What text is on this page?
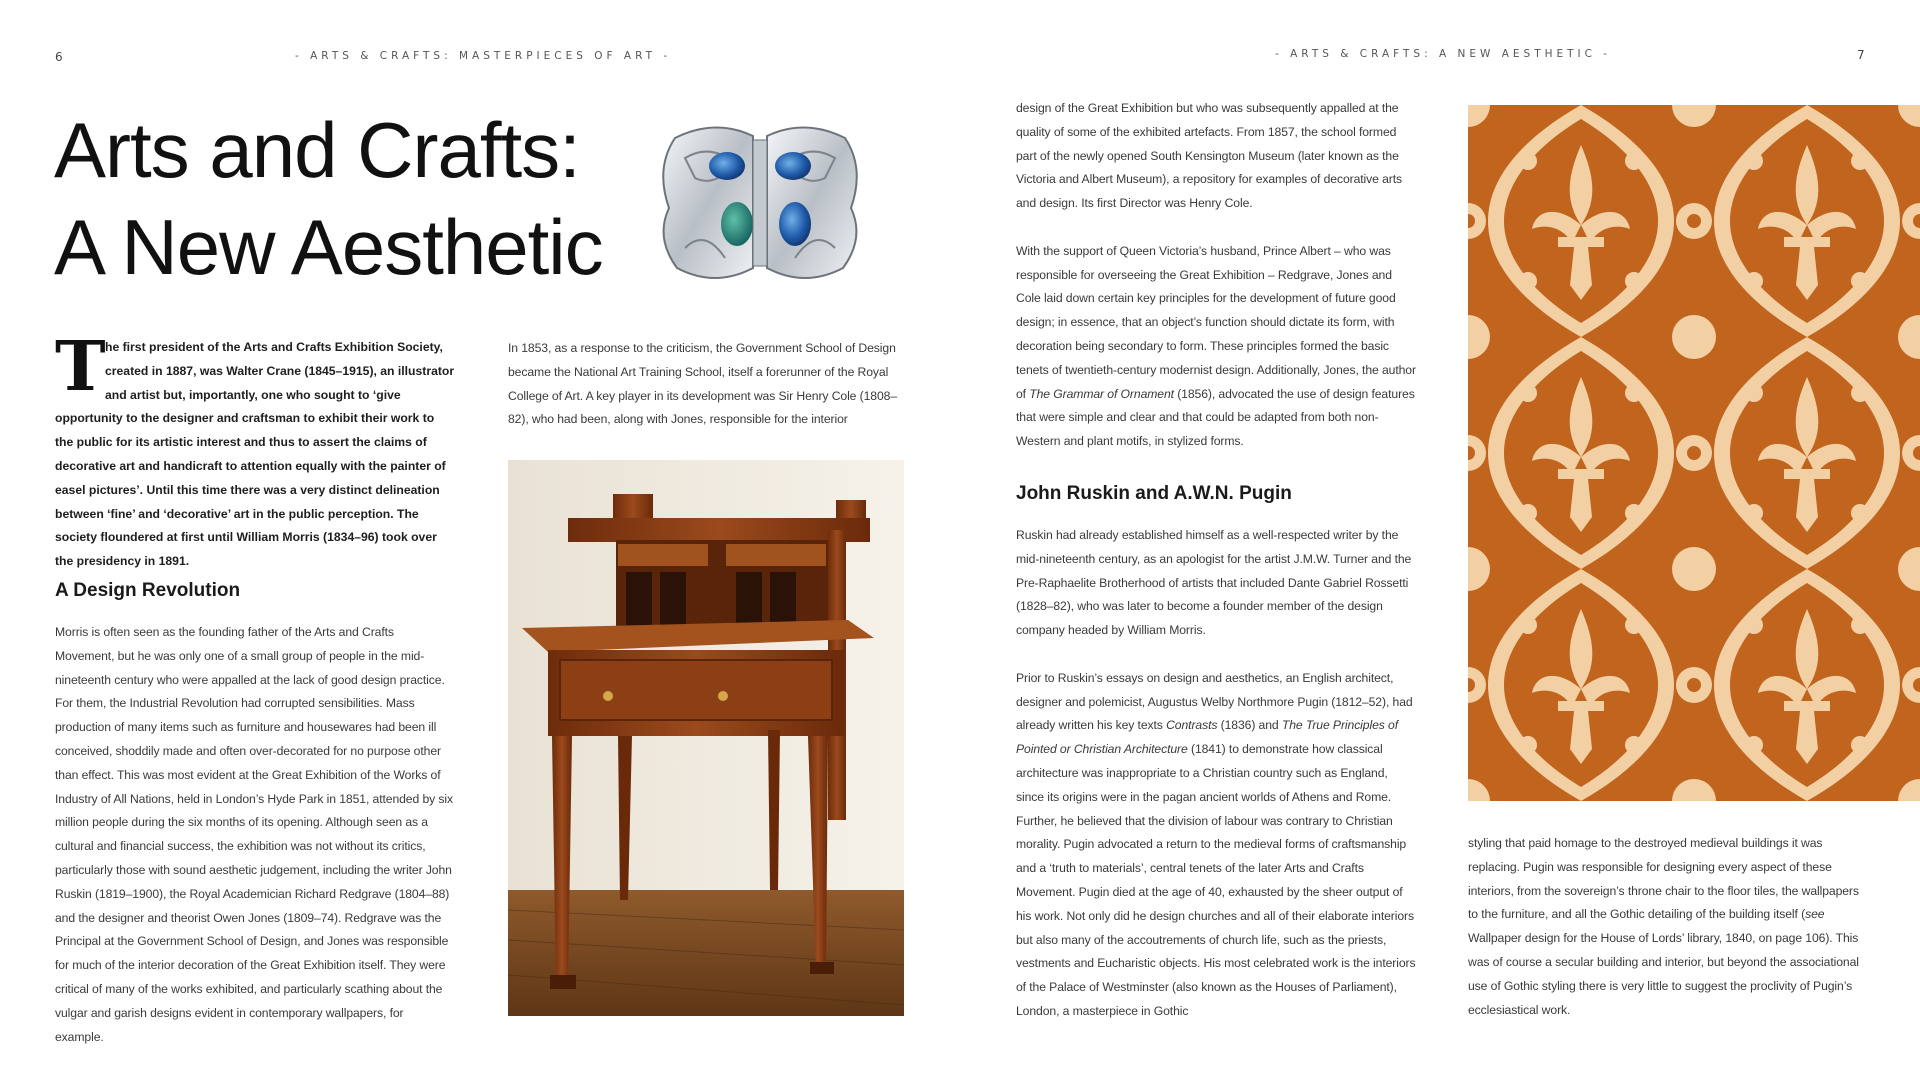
6	- ARTS & CRAFTS: MASTERPIECES OF ART -
Arts and Crafts:
A New Aesthetic
T he first president of the Arts and Crafts Exhibition Society, created in 1887, was Walter Crane (1845–1915), an illustrator and artist but, importantly, one who sought to ‘give opportunity to the designer and craftsman to exhibit their work to the public for its artistic interest and thus to assert the claims of decorative art and handicraft to attention equally with the painter of easel pictures’. Until this time there was a very distinct delineation between ‘fine’ and ‘decorative’ art in the public perception. The society floundered at first until William Morris (1834–96) took over the presidency in 1891.

A Design Revolution

Morris is often seen as the founding father of the Arts and Crafts Movement, but he was only one of a small group of people in the mid-nineteenth century who were appalled at the lack of good design practice. For them, the Industrial Revolution had corrupted sensibilities. Mass production of many items such as furniture and housewares had been ill conceived, shoddily made and often over-decorated for no purpose other than effect. This was most evident at the Great Exhibition of the Works of Industry of All Nations, held in London’s Hyde Park in 1851, attended by six million people during the six months of its opening. Although seen as a cultural and financial success, the exhibition was not without its critics, particularly those with sound aesthetic judgement, including the writer John Ruskin (1819–1900), the Royal Academician Richard Redgrave (1804–88) and the designer and theorist Owen Jones (1809–74). Redgrave was the Principal at the Government School of Design, and Jones was responsible for much of the interior decoration of the Great Exhibition itself. They were critical of many of the works exhibited, and particularly scathing about the vulgar and garish designs evident in contemporary wallpapers, for example.

In 1853, as a response to the criticism, the Government School of Design became the National Art Training School, itself a forerunner of the Royal College of Art. A key player in its development was Sir Henry Cole (1808–82), who had been, along with Jones, responsible for the interior

- ARTS & CRAFTS: A NEW AESTHETIC -	7

design of the Great Exhibition but who was subsequently appalled at the quality of some of the exhibited artefacts. From 1857, the school formed part of the newly opened South Kensington Museum (later known as the Victoria and Albert Museum), a repository for examples of decorative arts and design. Its first Director was Henry Cole.

With the support of Queen Victoria’s husband, Prince Albert – who was responsible for overseeing the Great Exhibition – Redgrave, Jones and Cole laid down certain key principles for the development of future good design; in essence, that an object’s function should dictate its form, with decoration being secondary to form. These principles formed the basic tenets of twentieth-century modernist design. Additionally, Jones, the author of The Grammar of Ornament (1856), advocated the use of design features that were simple and clear and that could be adapted from both non-Western and plant motifs, in stylized forms.

John Ruskin and A.W.N. Pugin

Ruskin had already established himself as a well-respected writer by the mid-nineteenth century, as an apologist for the artist J.M.W. Turner and the Pre-Raphaelite Brotherhood of artists that included Dante Gabriel Rossetti (1828–82), who was later to become a founder member of the design company headed by William Morris.

Prior to Ruskin’s essays on design and aesthetics, an English architect, designer and polemicist, Augustus Welby Northmore Pugin (1812–52), had already written his key texts Contrasts (1836) and The True Principles of Pointed or Christian Architecture (1841) to demonstrate how classical architecture was inappropriate to a Christian country such as England, since its origins were in the pagan ancient worlds of Athens and Rome. Further, he believed that the division of labour was contrary to Christian morality. Pugin advocated a return to the medieval forms of craftsmanship and a ‘truth to materials’, central tenets of the later Arts and Crafts Movement. Pugin died at the age of 40, exhausted by the sheer output of his work. Not only did he design churches and all of their elaborate interiors but also many of the accoutrements of church life, such as the priests, vestments and Eucharistic objects. His most celebrated work is the interiors of the Palace of Westminster (also known as the Houses of Parliament), London, a masterpiece in Gothic

styling that paid homage to the destroyed medieval buildings it was replacing. Pugin was responsible for designing every aspect of these interiors, from the sovereign’s throne chair to the floor tiles, the wallpapers to the furniture, and all the Gothic detailing of the building itself (see Wallpaper design for the House of Lords’ library, 1840, on page 106). This was of course a secular building and interior, but beyond the associational use of Gothic styling there is very little to suggest the proclivity of Pugin’s ecclesiastical work.
